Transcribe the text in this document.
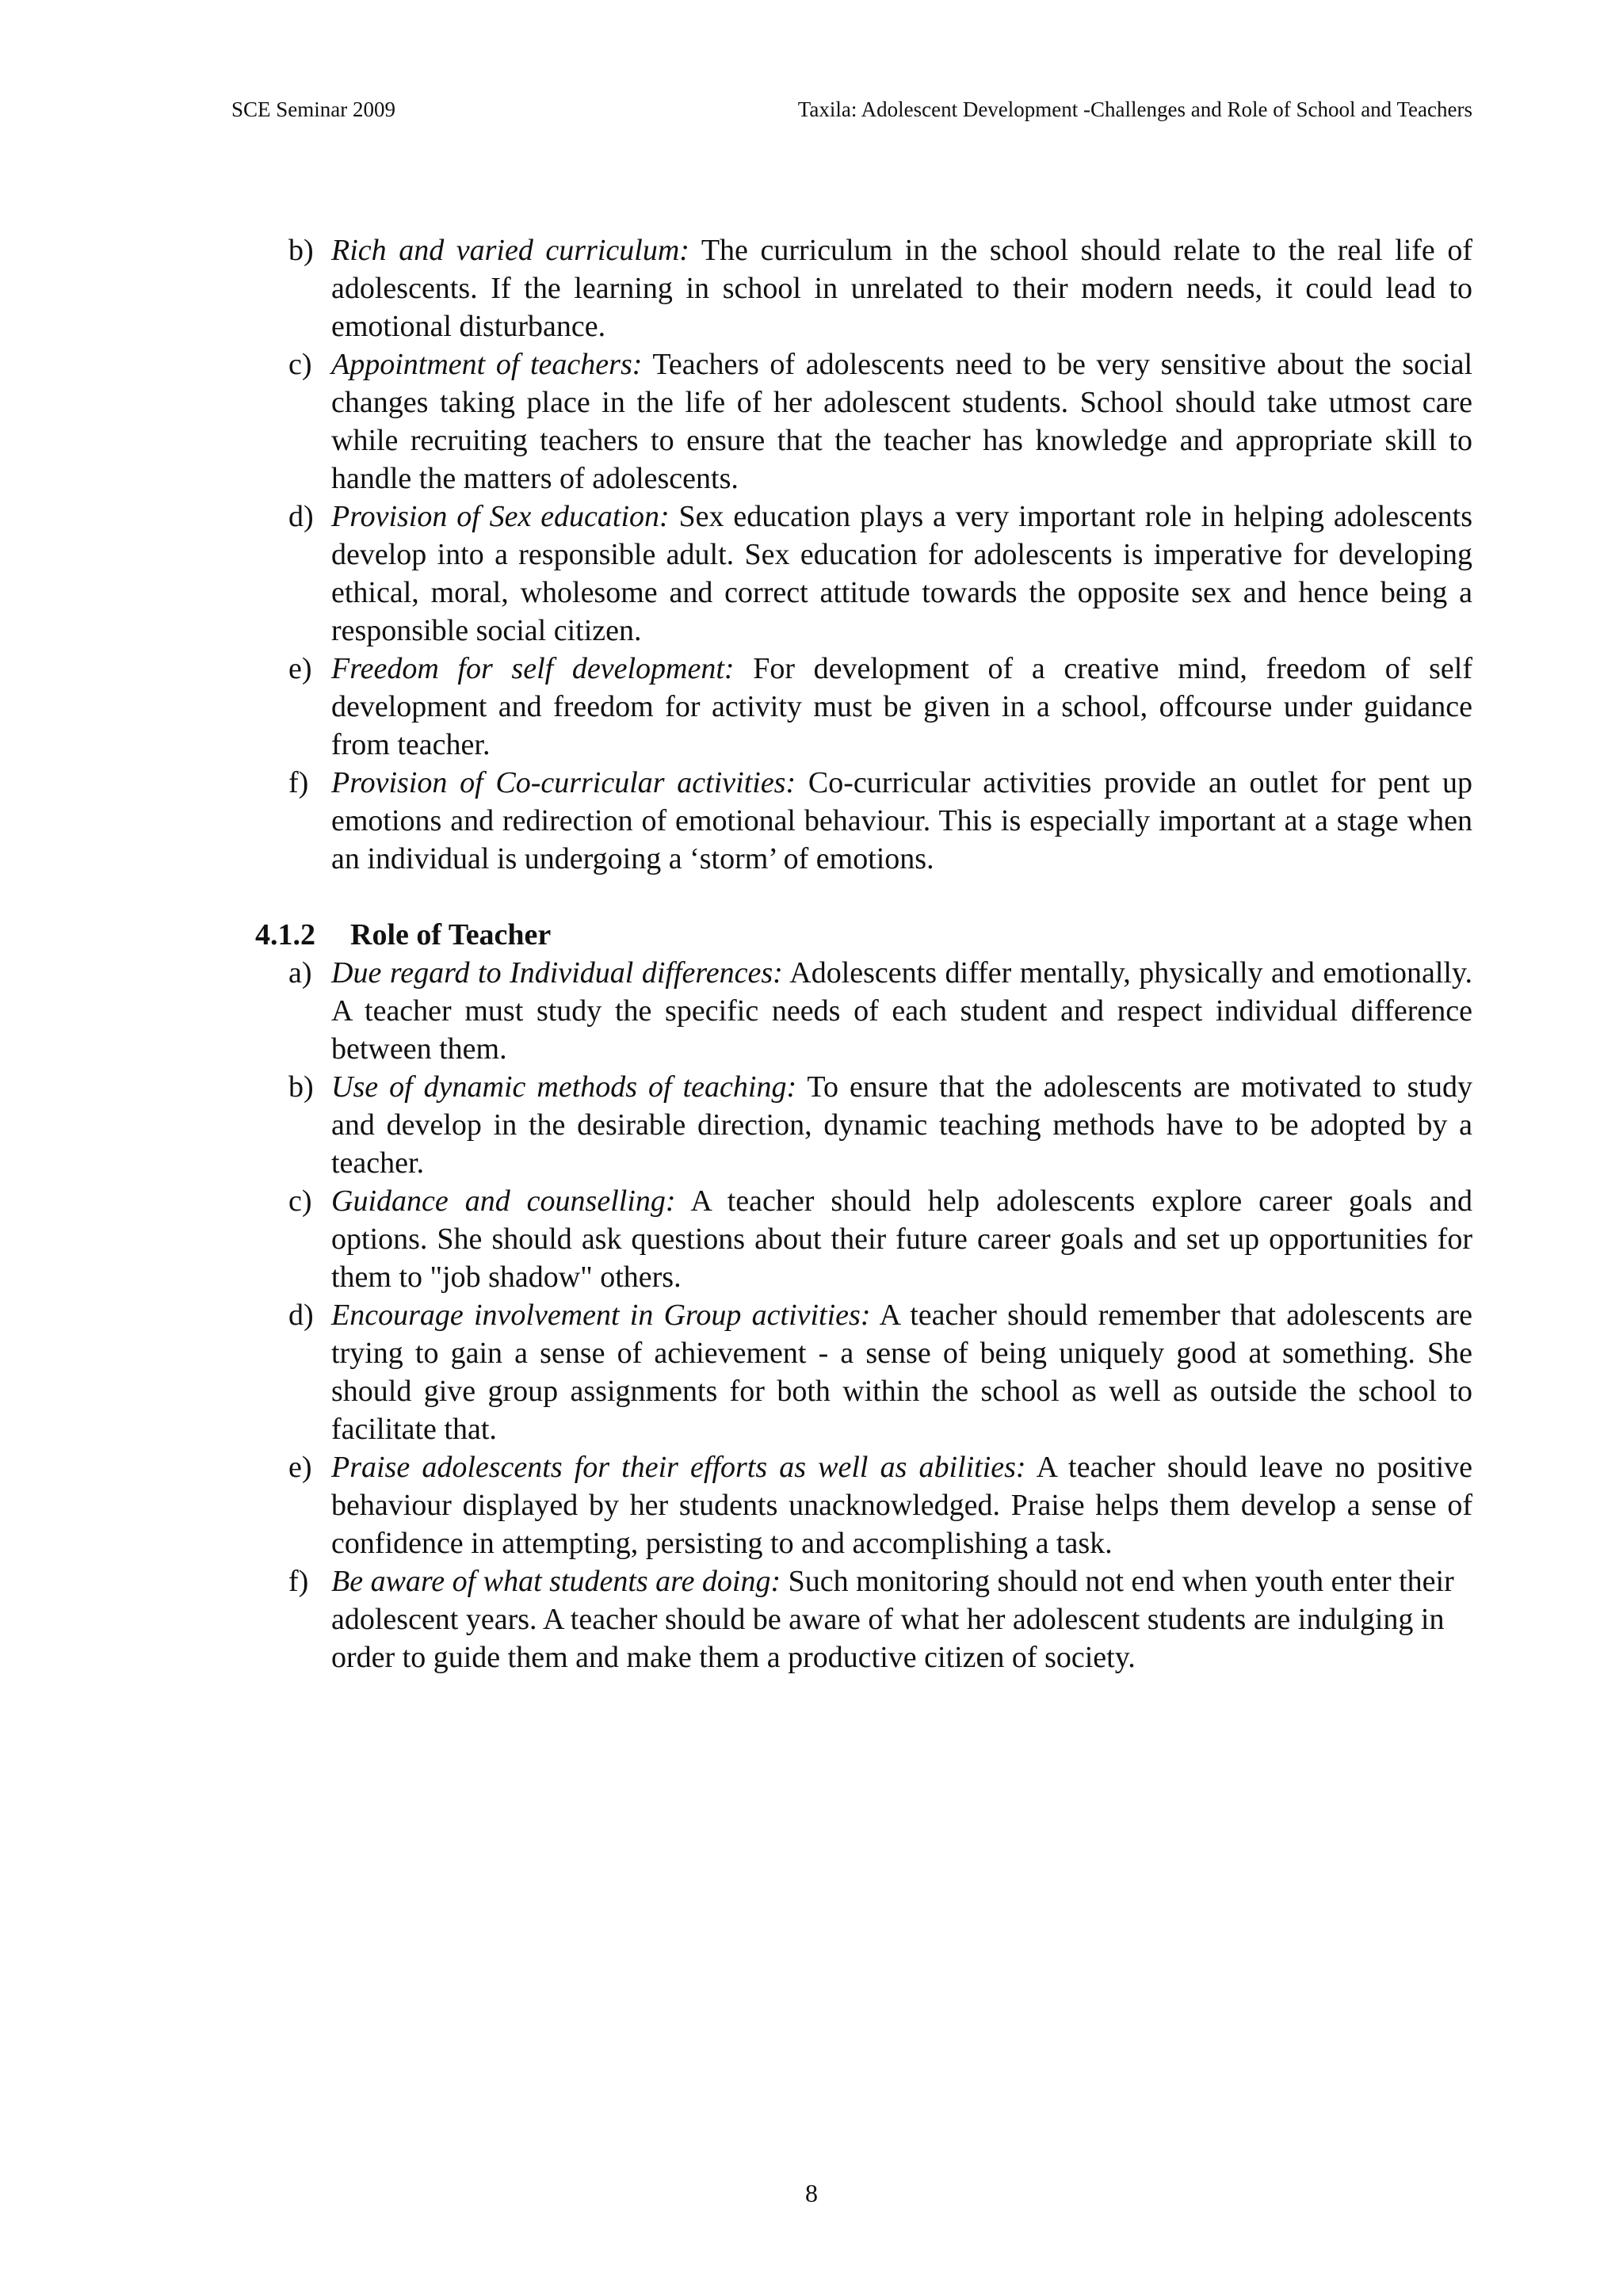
SCE Seminar 2009	Taxila: Adolescent Development -Challenges and Role of School and Teachers
b) Rich and varied curriculum: The curriculum in the school should relate to the real life of adolescents. If the learning in school in unrelated to their modern needs, it could lead to emotional disturbance.
c) Appointment of teachers: Teachers of adolescents need to be very sensitive about the social changes taking place in the life of her adolescent students. School should take utmost care while recruiting teachers to ensure that the teacher has knowledge and appropriate skill to handle the matters of adolescents.
d) Provision of Sex education: Sex education plays a very important role in helping adolescents develop into a responsible adult. Sex education for adolescents is imperative for developing ethical, moral, wholesome and correct attitude towards the opposite sex and hence being a responsible social citizen.
e) Freedom for self development: For development of a creative mind, freedom of self development and freedom for activity must be given in a school, offcourse under guidance from teacher.
f) Provision of Co-curricular activities: Co-curricular activities provide an outlet for pent up emotions and redirection of emotional behaviour. This is especially important at a stage when an individual is undergoing a ‘storm’ of emotions.
4.1.2	Role of Teacher
a) Due regard to Individual differences: Adolescents differ mentally, physically and emotionally. A teacher must study the specific needs of each student and respect individual difference between them.
b) Use of dynamic methods of teaching: To ensure that the adolescents are motivated to study and develop in the desirable direction, dynamic teaching methods have to be adopted by a teacher.
c) Guidance and counselling: A teacher should help adolescents explore career goals and options. She should ask questions about their future career goals and set up opportunities for them to "job shadow" others.
d) Encourage involvement in Group activities: A teacher should remember that adolescents are trying to gain a sense of achievement - a sense of being uniquely good at something. She should give group assignments for both within the school as well as outside the school to facilitate that.
e) Praise adolescents for their efforts as well as abilities: A teacher should leave no positive behaviour displayed by her students unacknowledged. Praise helps them develop a sense of confidence in attempting, persisting to and accomplishing a task.
f) Be aware of what students are doing: Such monitoring should not end when youth enter their adolescent years. A teacher should be aware of what her adolescent students are indulging in order to guide them and make them a productive citizen of society.
8
